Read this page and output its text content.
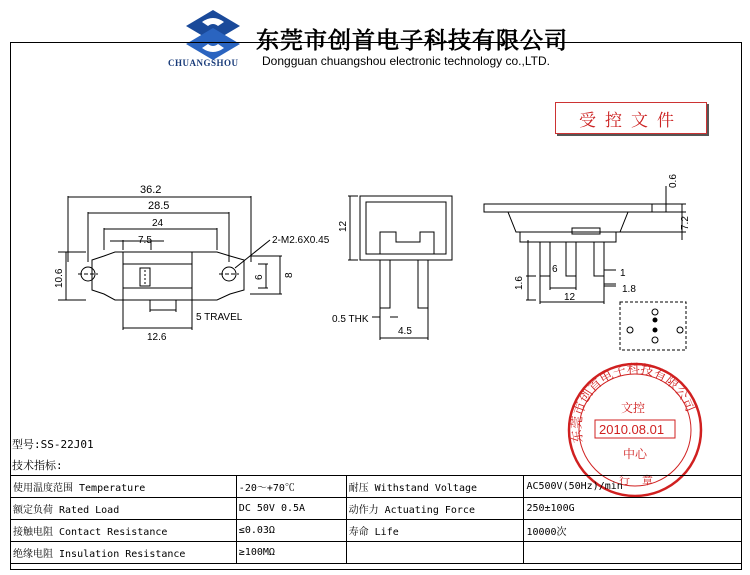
CHUANGSHOU
东莞市创首电子科技有限公司
Dongguan chuangshou electronic technology co.,LTD.
受控文件
36.2
28.5
24
7.5	2-M2.6X0.45
10.6	6 8
12.6
5 TRAVEL
12
0.5 THK
4.5
0.6
7.2
1.6
6	1
1.8
12
东莞市创首电子科技有限公司
文控
2010.08.01
中心
行章
型号:SS-22J01
技术指标:
使用温度范围 Temperature	-20～+70℃	耐压 Withstand Voltage	AC500V(50Hz)/min
额定负荷 Rated Load	DC 50V 0.5A	动作力 Actuating Force	250±100G
接触电阻 Contact Resistance	≤0.03Ω	寿命 Life	10000次
绝缘电阻 Insulation Resistance	≥100MΩ		
